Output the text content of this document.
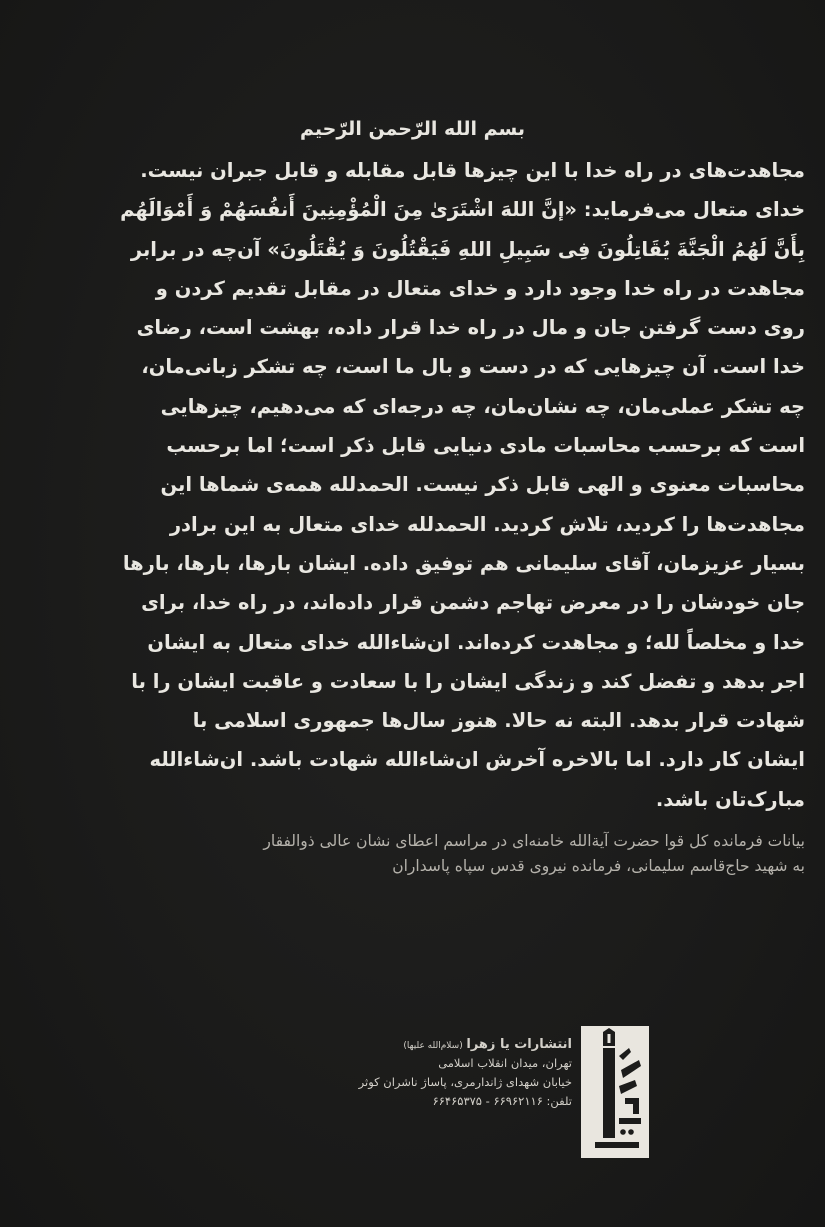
بسم الله الرّحمن الرّحیم
مجاهدت‌های در راه خدا با این چیزها قابل مقابله و قابل جبران نیست.
خدای متعال می‌فرماید: «إنَّ اللهَ اشْتَرَىٰ مِنَ الْمُؤْمِنِینَ أَنفُسَهُمْ وَ أَمْوَالَهُم
بِأَنَّ لَهُمُ الْجَنَّةَ یُقَاتِلُونَ فِی سَبِیلِ اللهِ فَیَقْتُلُونَ وَ یُقْتَلُونَ» آن‌چه در برابر
مجاهدت در راه خدا وجود دارد و خدای متعال در مقابل تقدیم کردن و
روی دست گرفتن جان و مال در راه خدا قرار داده، بهشت است، رضای
خدا است. آن چیزهایی که در دست و بال ما است، چه تشکر زبانی‌مان،
چه تشکر عملی‌مان، چه نشان‌مان، چه درجه‌ای که می‌دهیم، چیزهایی
است که برحسب محاسبات مادی دنیایی قابل ذکر است؛ اما برحسب
محاسبات معنوی و الهی قابل ذکر نیست. الحمدلله همه‌ی شماها این
مجاهدت‌ها را کردید، تلاش کردید. الحمدلله خدای متعال به این برادر
بسیار عزیزمان، آقای سلیمانی هم توفیق داده. ایشان بارها، بارها، بارها
جان خودشان را در معرض تهاجم دشمن قرار داده‌اند، در راه خدا، برای
خدا و مخلصاً لله؛ و مجاهدت کرده‌اند. ان‌شاءالله خدای متعال به ایشان
اجر بدهد و تفضل کند و زندگی ایشان را با سعادت و عاقبت ایشان را با
شهادت قرار بدهد. البته نه حالا. هنوز سال‌ها جمهوری اسلامی با
ایشان کار دارد. اما بالاخره آخرش ان‌شاءالله شهادت باشد. ان‌شاءالله
مبارک‌تان باشد.
بیانات فرمانده کل قوا حضرت آیةالله خامنه‌ای در مراسم اعطای نشان عالی ذوالفقار
به شهید حاج‌قاسم سلیمانی، فرمانده نیروی قدس سپاه پاسداران
انتشارات یا زهرا (سلام‌الله علیها)
تهران، میدان انقلاب اسلامی
خیابان شهدای ژاندارمری، پاساژ ناشران کوثر
تلفن: ۶۶۹۶۲۱۱۶ - ۶۶۴۶۵۳۷۵
